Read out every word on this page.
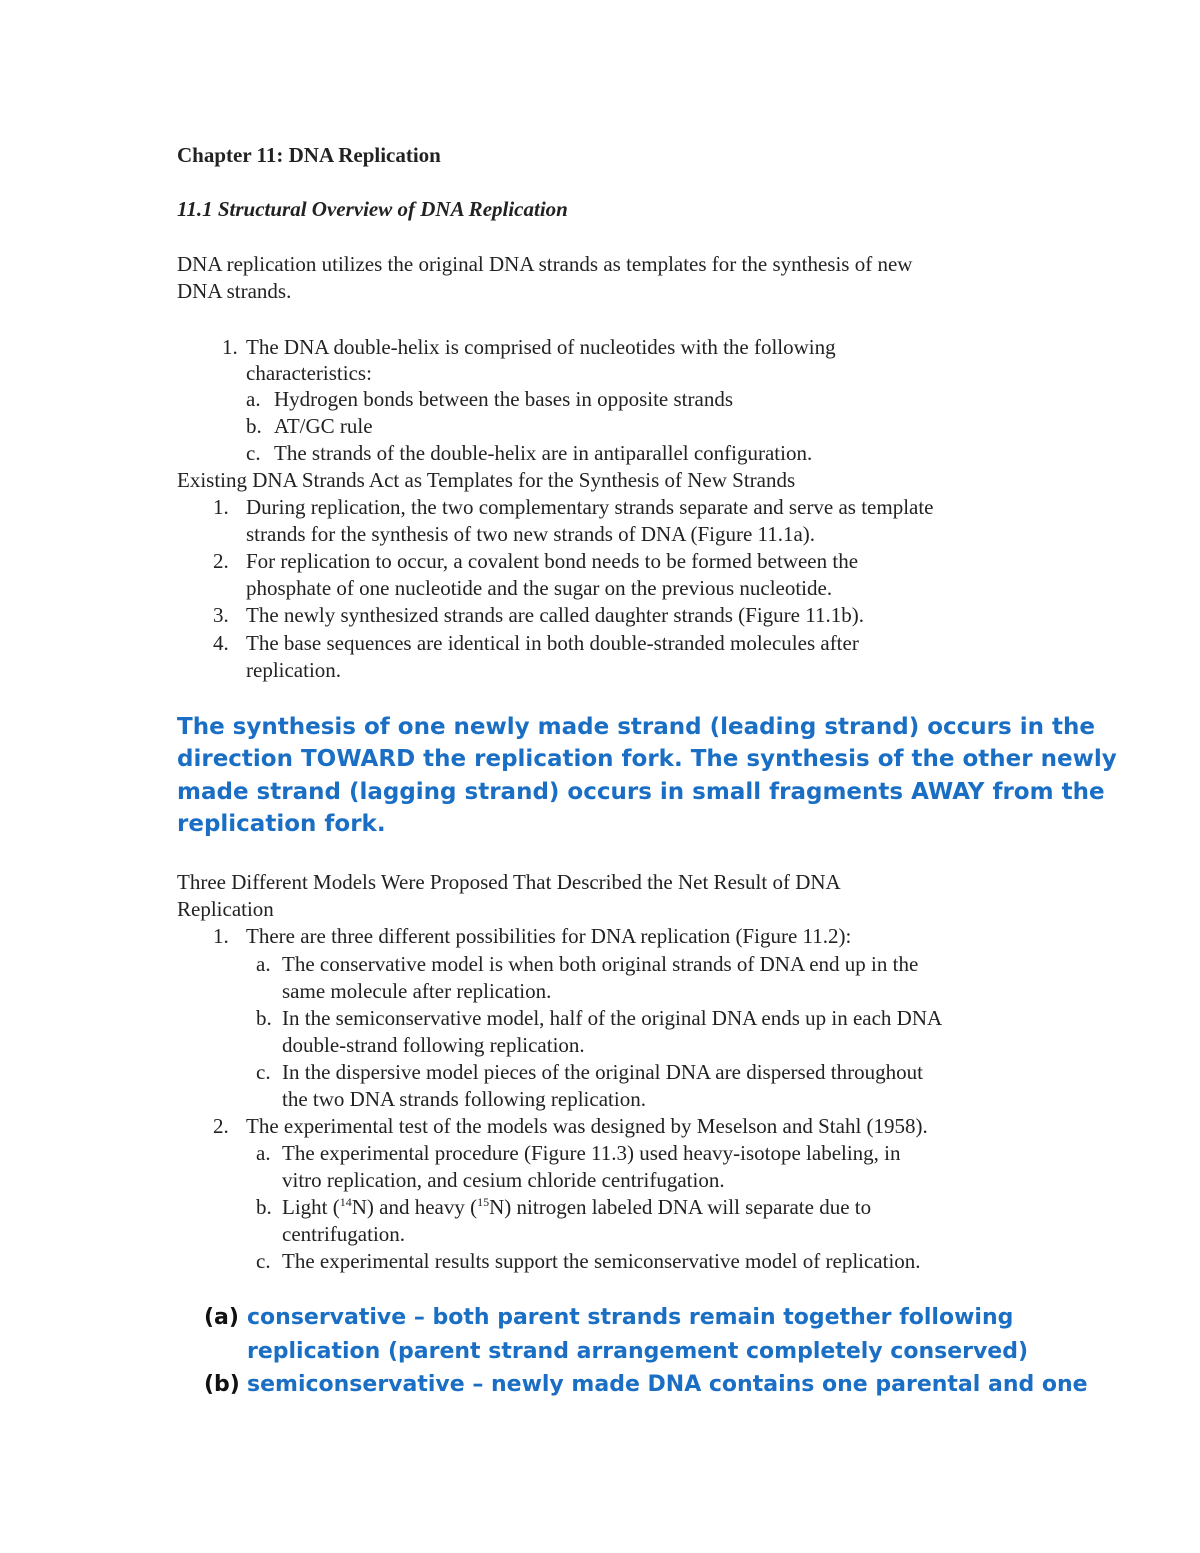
Chapter 11: DNA Replication
11.1 Structural Overview of DNA Replication
DNA replication utilizes the original DNA strands as templates for the synthesis of new
DNA strands.
1. The DNA double-helix is comprised of nucleotides with the following
characteristics:
a. Hydrogen bonds between the bases in opposite strands
b. AT/GC rule
c. The strands of the double-helix are in antiparallel configuration.
Existing DNA Strands Act as Templates for the Synthesis of New Strands
1. During replication, the two complementary strands separate and serve as template
strands for the synthesis of two new strands of DNA (Figure 11.1a).
2. For replication to occur, a covalent bond needs to be formed between the
phosphate of one nucleotide and the sugar on the previous nucleotide.
3. The newly synthesized strands are called daughter strands (Figure 11.1b).
4. The base sequences are identical in both double-stranded molecules after
replication.
The synthesis of one newly made strand (leading strand) occurs in the
direction TOWARD the replication fork. The synthesis of the other newly
made strand (lagging strand) occurs in small fragments AWAY from the
replication fork.
Three Different Models Were Proposed That Described the Net Result of DNA
Replication
1. There are three different possibilities for DNA replication (Figure 11.2):
a. The conservative model is when both original strands of DNA end up in the
same molecule after replication.
b. In the semiconservative model, half of the original DNA ends up in each DNA
double-strand following replication.
c. In the dispersive model pieces of the original DNA are dispersed throughout
the two DNA strands following replication.
2. The experimental test of the models was designed by Meselson and Stahl (1958).
a. The experimental procedure (Figure 11.3) used heavy-isotope labeling, in
vitro replication, and cesium chloride centrifugation.
b. Light ($^{14}$N) and heavy ($^{15}$N) nitrogen labeled DNA will separate due to
centrifugation.
c. The experimental results support the semiconservative model of replication.
(a) conservative – both parent strands remain together following
replication (parent strand arrangement completely conserved)
(b) semiconservative – newly made DNA contains one parental and one
